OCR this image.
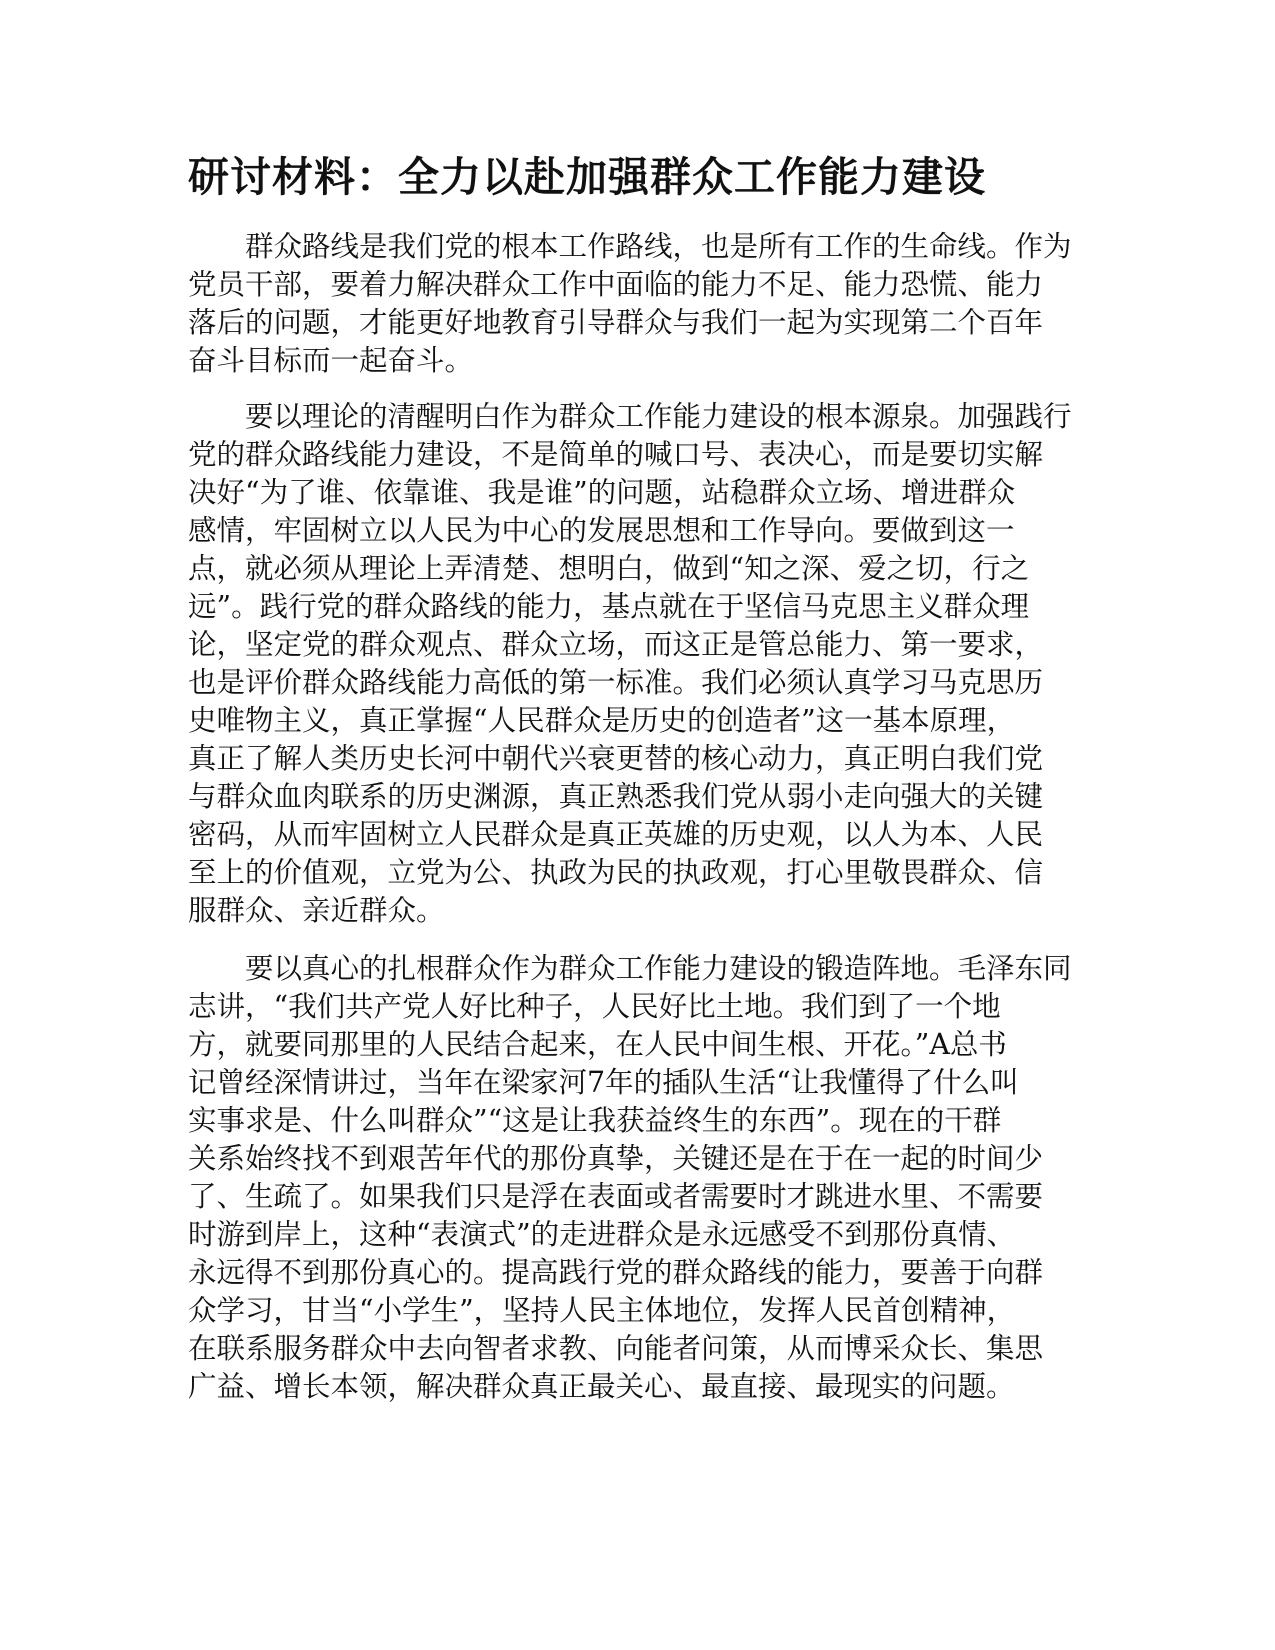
研讨材料：全力以赴加强群众工作能力建设
　　群众路线是我们党的根本工作路线，也是所有工作的生命线。作为
党员干部，要着力解决群众工作中面临的能力不足、能力恐慌、能力
落后的问题，才能更好地教育引导群众与我们一起为实现第二个百年
奋斗目标而一起奋斗。
　　要以理论的清醒明白作为群众工作能力建设的根本源泉。加强践行
党的群众路线能力建设，不是简单的喊口号、表决心，而是要切实解
决好“为了谁、依靠谁、我是谁”的问题，站稳群众立场、增进群众
感情，牢固树立以人民为中心的发展思想和工作导向。要做到这一
点，就必须从理论上弄清楚、想明白，做到“知之深、爱之切，行之
远”。践行党的群众路线的能力，基点就在于坚信马克思主义群众理
论，坚定党的群众观点、群众立场，而这正是管总能力、第一要求，
也是评价群众路线能力高低的第一标准。我们必须认真学习马克思历
史唯物主义，真正掌握“人民群众是历史的创造者”这一基本原理，
真正了解人类历史长河中朝代兴衰更替的核心动力，真正明白我们党
与群众血肉联系的历史渊源，真正熟悉我们党从弱小走向强大的关键
密码，从而牢固树立人民群众是真正英雄的历史观，以人为本、人民
至上的价值观，立党为公、执政为民的执政观，打心里敬畏群众、信
服群众、亲近群众。
　　要以真心的扎根群众作为群众工作能力建设的锻造阵地。毛泽东同
志讲，“我们共产党人好比种子，人民好比土地。我们到了一个地
方，就要同那里的人民结合起来，在人民中间生根、开花。”A总书
记曾经深情讲过，当年在梁家河7年的插队生活“让我懂得了什么叫
实事求是、什么叫群众”“这是让我获益终生的东西”。现在的干群
关系始终找不到艰苦年代的那份真挚，关键还是在于在一起的时间少
了、生疏了。如果我们只是浮在表面或者需要时才跳进水里、不需要
时游到岸上，这种“表演式”的走进群众是永远感受不到那份真情、
永远得不到那份真心的。提高践行党的群众路线的能力，要善于向群
众学习，甘当“小学生”，坚持人民主体地位，发挥人民首创精神，
在联系服务群众中去向智者求教、向能者问策，从而博采众长、集思
广益、增长本领，解决群众真正最关心、最直接、最现实的问题。
